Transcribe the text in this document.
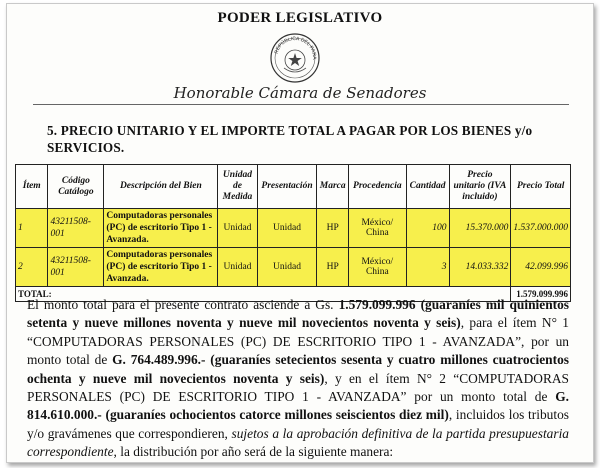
PODER LEGISLATIVO
REPÚBLICA DEL PARA
Honorable Cámara de Senadores
5. PRECIO UNITARIO Y EL IMPORTE TOTAL A PAGAR POR LOS BIENES y/o SERVICIOS.
Ítem	Código Catálogo	Descripción del Bien	Unidad de Medida	Presentación	Marca	Procedencia	Cantidad	Precio unitario (IVA incluido)	Precio Total
1	43211508-001	Computadoras personales (PC) de escritorio Tipo 1 - Avanzada.	Unidad	Unidad	HP	México/ China	100	15.370.000	1.537.000.000
2	43211508-001	Computadoras personales (PC) de escritorio Tipo 1 - Avanzada.	Unidad	Unidad	HP	México/ China	3	14.033.332	42.099.996
TOTAL:									1.579.099.996
El monto total para el presente contrato asciende a Gs. 1.579.099.996 (guaraníes mil quinientos setenta y nueve millones noventa y nueve mil novecientos noventa y seis), para el ítem N° 1 “COMPUTADORAS PERSONALES (PC) DE ESCRITORIO TIPO 1 - AVANZADA”, por un monto total de G. 764.489.996.- (guaraníes setecientos sesenta y cuatro millones cuatrocientos ochenta y nueve mil novecientos noventa y seis), y en el ítem N° 2 “COMPUTADORAS PERSONALES (PC) DE ESCRITORIO TIPO 1 - AVANZADA” por un monto total de G. 814.610.000.- (guaraníes ochocientos catorce millones seiscientos diez mil), incluidos los tributos y/o gravámenes que correspondieren, sujetos a la aprobación definitiva de la partida presupuestaria correspondiente, la distribución por año será de la siguiente manera:
